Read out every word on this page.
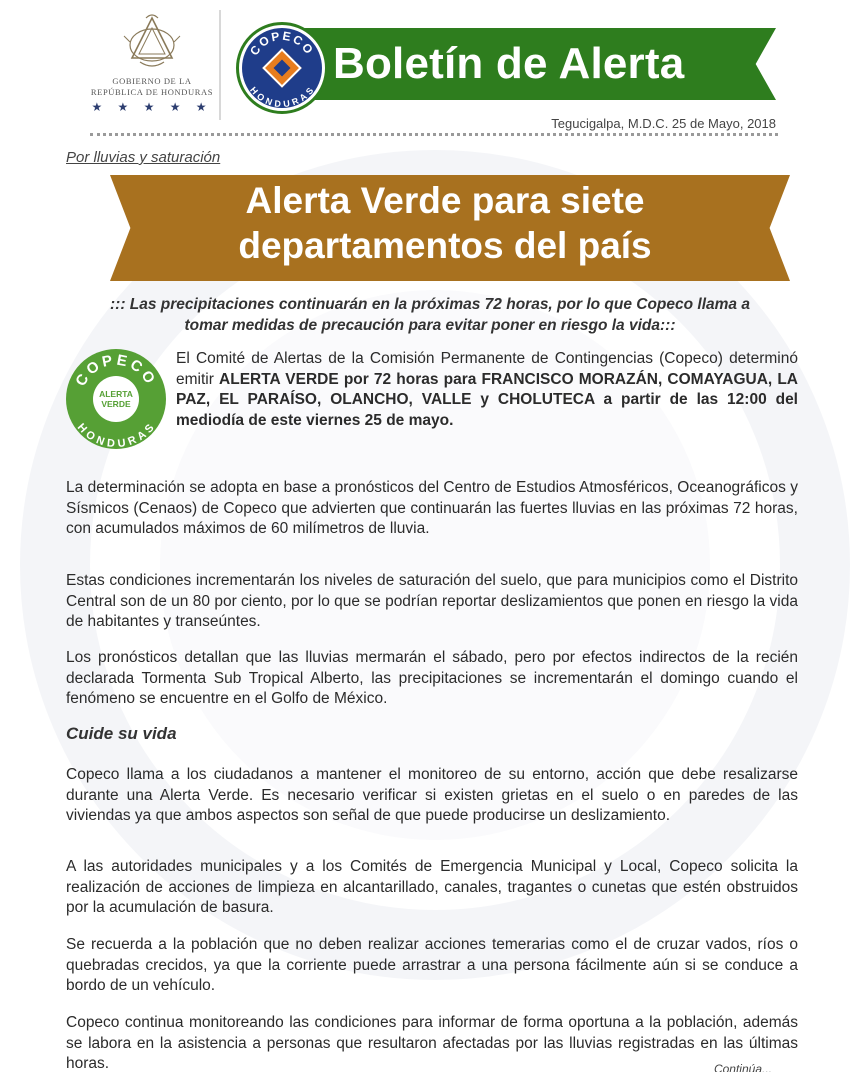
GOBIERNO DE LA
REPÚBLICA DE HONDURAS
★ ★ ★ ★ ★
Boletín de Alerta
COPECO
HONDURAS
Tegucigalpa, M.D.C. 25 de Mayo, 2018
Por lluvias y saturación
Alerta Verde para siete
departamentos del país
::: Las precipitaciones continuarán en la próximas 72 horas, por lo que Copeco llama a
tomar medidas de precaución para evitar poner en riesgo la vida:::
COPECO
HONDURAS
ALERTA
VERDE
El Comité de Alertas de la Comisión Permanente de Contingencias (Copeco) determinó emitir ALERTA VERDE por 72 horas para FRANCISCO MORAZÁN, COMAYAGUA, LA PAZ, EL PARAÍSO, OLANCHO, VALLE y CHOLUTECA a partir de las 12:00 del mediodía de este viernes 25 de mayo.
La determinación se adopta en base a pronósticos del Centro de Estudios Atmosféricos, Oceanográficos y Sísmicos (Cenaos) de Copeco que advierten que continuarán las fuertes lluvias en las próximas 72 horas, con acumulados máximos de 60 milímetros de lluvia.
Estas condiciones incrementarán los niveles de saturación del suelo, que para municipios como el Distrito Central son de un 80 por ciento, por lo que se podrían reportar deslizamientos que ponen en riesgo la vida de habitantes y transeúntes.
Los pronósticos detallan que las lluvias mermarán el sábado, pero por efectos indirectos de la recién declarada Tormenta Sub Tropical Alberto, las precipitaciones se incrementarán el domingo cuando el fenómeno se encuentre en el Golfo de México.
Cuide su vida
Copeco llama a los ciudadanos a mantener el monitoreo de su entorno, acción que debe resalizarse durante una Alerta Verde. Es necesario verificar si existen grietas en el suelo o en paredes de las viviendas ya que ambos aspectos son señal de que puede producirse un deslizamiento.
A las autoridades municipales y a los Comités de Emergencia Municipal y Local, Copeco solicita la realización de acciones de limpieza en alcantarillado, canales, tragantes o cunetas que estén obstruidos por la acumulación de basura.
Se recuerda a la población que no deben realizar acciones temerarias como el de cruzar vados, ríos o quebradas crecidos, ya que la corriente puede arrastrar a una persona fácilmente aún si se conduce a bordo de un vehículo.
Copeco continua monitoreando las condiciones para informar de forma oportuna a la población, además se labora en la asistencia a personas que resultaron afectadas por las lluvias registradas en las últimas horas.	Continúa...
